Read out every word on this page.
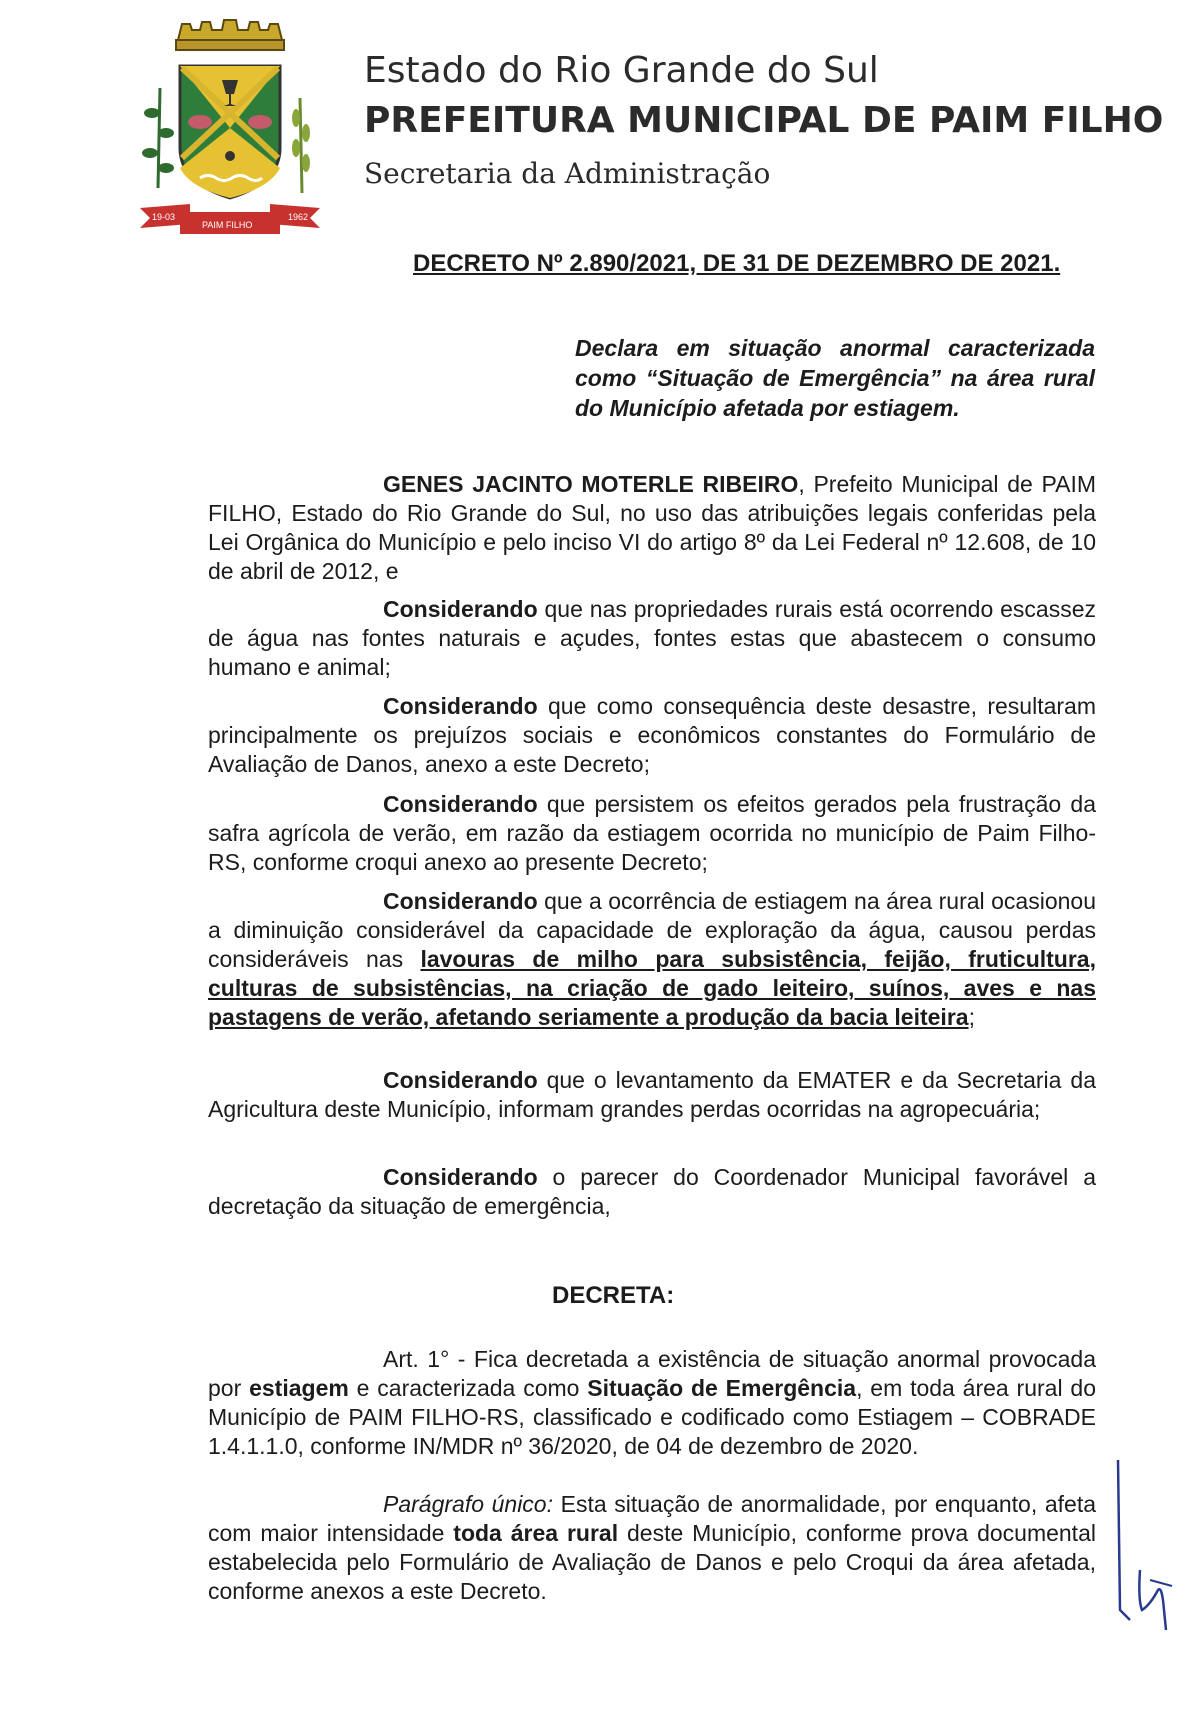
19-03	1962
PAIM FILHO
Estado do Rio Grande do Sul
PREFEITURA MUNICIPAL DE PAIM FILHO
Secretaria da Administração
DECRETO Nº 2.890/2021, DE 31 DE DEZEMBRO DE 2021.
Declara em situação anormal caracterizada como “Situação de Emergência” na área rural do Município afetada por estiagem.
GENES JACINTO MOTERLE RIBEIRO, Prefeito Municipal de PAIM FILHO, Estado do Rio Grande do Sul, no uso das atribuições legais conferidas pela Lei Orgânica do Município e pelo inciso VI do artigo 8º da Lei Federal nº 12.608, de 10 de abril de 2012, e
Considerando que nas propriedades rurais está ocorrendo escassez de água nas fontes naturais e açudes, fontes estas que abastecem o consumo humano e animal;
Considerando que como consequência deste desastre, resultaram principalmente os prejuízos sociais e econômicos constantes do Formulário de Avaliação de Danos, anexo a este Decreto;
Considerando que persistem os efeitos gerados pela frustração da safra agrícola de verão, em razão da estiagem ocorrida no município de Paim Filho-RS, conforme croqui anexo ao presente Decreto;
Considerando que a ocorrência de estiagem na área rural ocasionou a diminuição considerável da capacidade de exploração da água, causou perdas consideráveis nas lavouras de milho para subsistência, feijão, fruticultura, culturas de subsistências, na criação de gado leiteiro, suínos, aves e nas pastagens de verão, afetando seriamente a produção da bacia leiteira;
Considerando que o levantamento da EMATER e da Secretaria da Agricultura deste Município, informam grandes perdas ocorridas na agropecuária;
Considerando o parecer do Coordenador Municipal favorável a decretação da situação de emergência,
DECRETA:
Art. 1° - Fica decretada a existência de situação anormal provocada por estiagem e caracterizada como Situação de Emergência, em toda área rural do Município de PAIM FILHO-RS, classificado e codificado como Estiagem – COBRADE 1.4.1.1.0, conforme IN/MDR nº 36/2020, de 04 de dezembro de 2020.
Parágrafo único: Esta situação de anormalidade, por enquanto, afeta com maior intensidade toda área rural deste Município, conforme prova documental estabelecida pelo Formulário de Avaliação de Danos e pelo Croqui da área afetada, conforme anexos a este Decreto.
